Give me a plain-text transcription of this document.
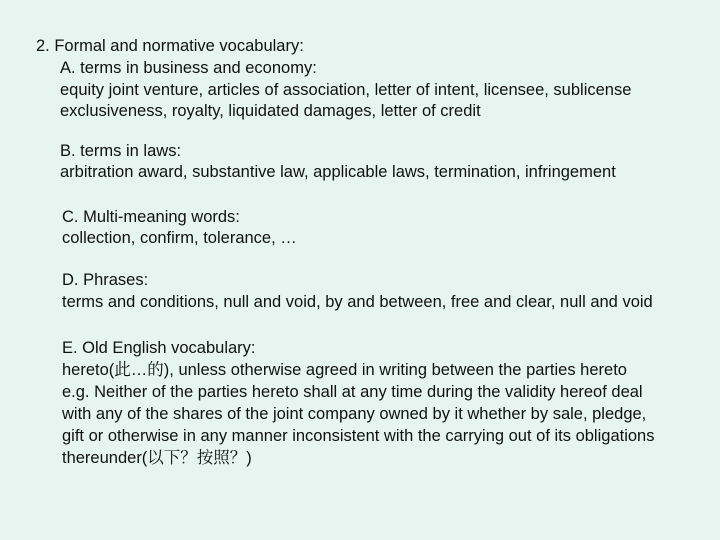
2. Formal and normative vocabulary:
A. terms in business and economy:
equity joint venture, articles of association, letter of intent, licensee, sublicense
exclusiveness, royalty, liquidated damages, letter of credit
B. terms in laws:
arbitration award, substantive law, applicable laws, termination, infringement
C. Multi-meaning words:
collection, confirm, tolerance, …
D. Phrases:
terms and conditions, null and void, by and between, free and clear, null and void
E. Old English vocabulary:
hereto(此…的), unless otherwise agreed in writing between the parties hereto
e.g. Neither of the parties hereto shall at any time during the validity hereof deal
with any of the shares of the joint company owned by it whether by sale, pledge,
gift or otherwise in any manner inconsistent with the carrying out of its obligations
thereunder(以下？按照？)
